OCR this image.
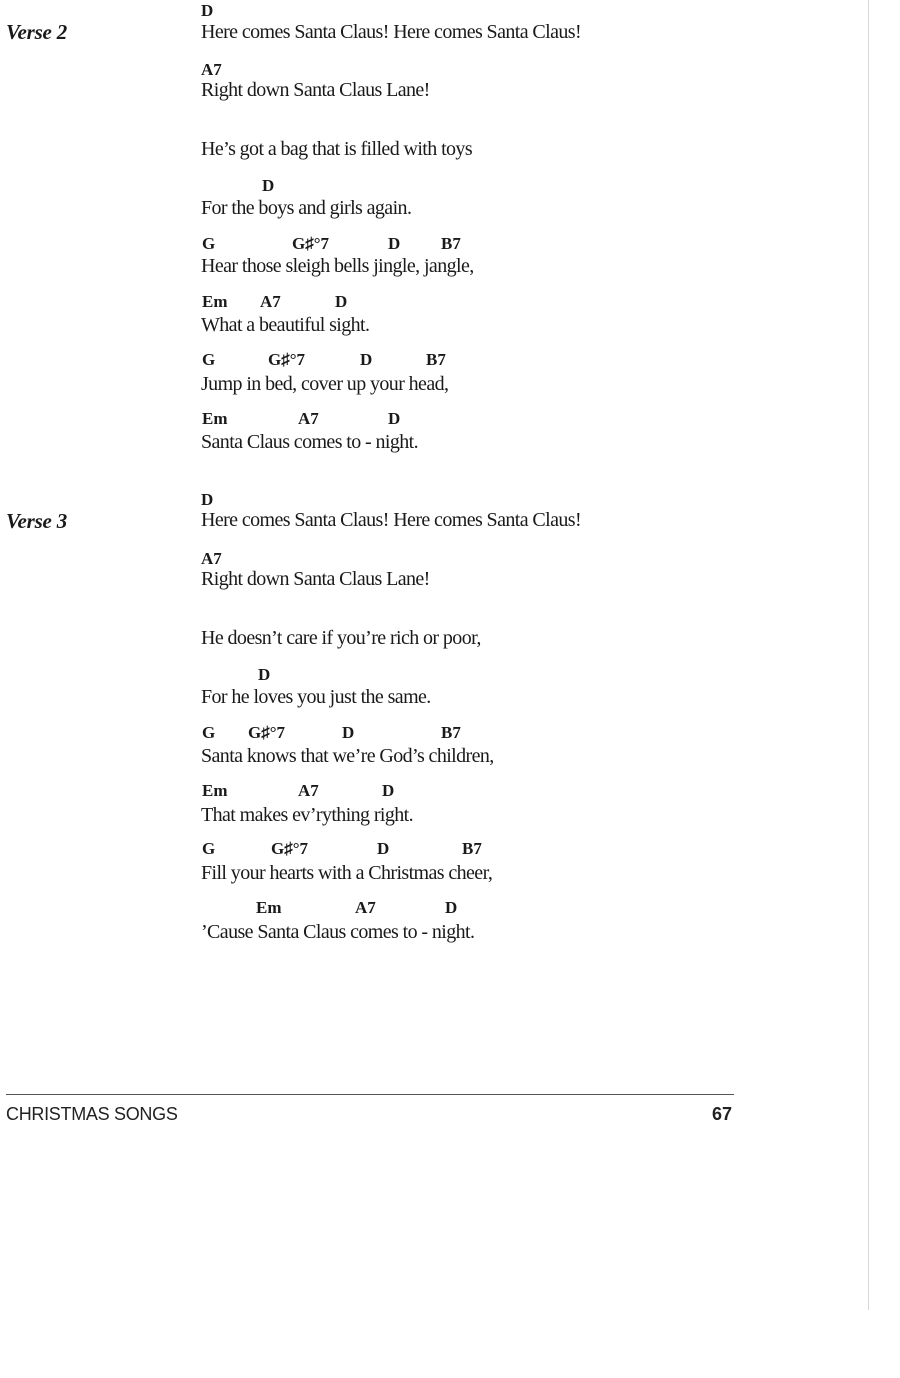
Verse 2
D
Here comes Santa Claus! Here comes Santa Claus!
A7
Right down Santa Claus Lane!
He’s got a bag that is filled with toys
D
For the boys and girls again.
G	G♯°7	D B7
Hear those sleigh bells jingle, jangle,
Em A7	D
What a beautiful sight.
G	G♯°7	D	B7
Jump in bed, cover up your head,
Em	A7	D
Santa Claus comes to - night.
Verse 3
D
Here comes Santa Claus! Here comes Santa Claus!
A7
Right down Santa Claus Lane!
He doesn’t care if you’re rich or poor,
D
For he loves you just the same.
G G♯°7	D	B7
Santa knows that we’re God’s children,
Em	A7	D
That makes ev’rything right.
G	G♯°7	D	B7
Fill your hearts with a Christmas cheer,
Em	A7	D
’Cause Santa Claus comes to - night.
CHRISTMAS SONGS	67
